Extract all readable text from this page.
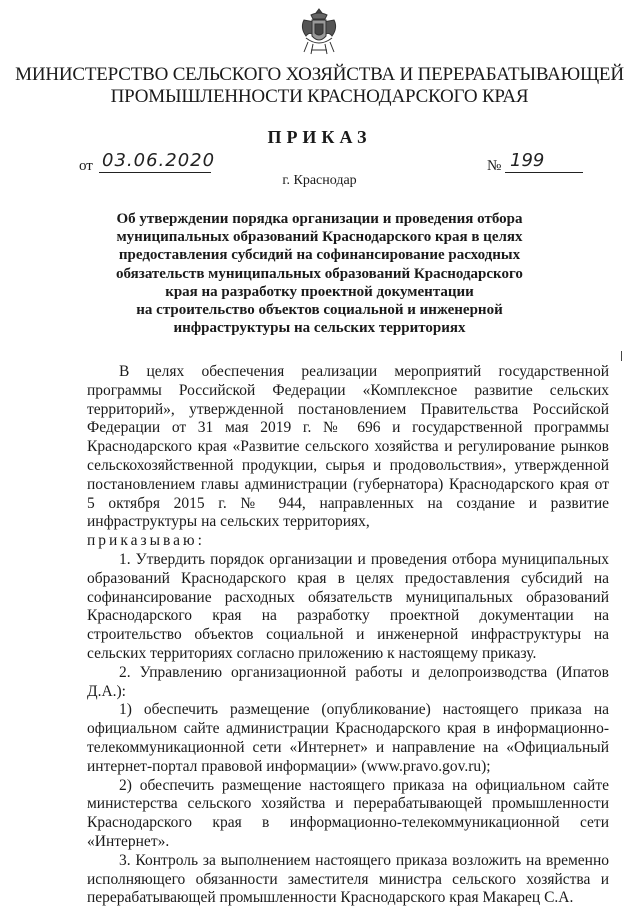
МИНИСТЕРСТВО СЕЛЬСКОГО ХОЗЯЙСТВА И ПЕРЕРАБАТЫВАЮЩЕЙ
ПРОМЫШЛЕННОСТИ КРАСНОДАРСКОГО КРАЯ
ПРИКАЗ
от 03.06.2020	№ 199
г. Краснодар
Об утверждении порядка организации и проведения отбора
муниципальных образований Краснодарского края в целях
предоставления субсидий на софинансирование расходных
обязательств муниципальных образований Краснодарского
края на разработку проектной документации
на строительство объектов социальной и инженерной
инфраструктуры на сельских территориях

В целях обеспечения реализации мероприятий государственной программы Российской Федерации «Комплексное развитие сельских территорий», утвержденной постановлением Правительства Российской Федерации от 31 мая 2019 г. № 696 и государственной программы Краснодарского края «Развитие сельского хозяйства и регулирование рынков сельскохозяйственной продукции, сырья и продовольствия», утвержденной постановлением главы администрации (губернатора) Краснодарского края от 5 октября 2015 г. № 944, направленных на создание и развитие инфраструктуры на сельских территориях,

приказываю:

1. Утвердить порядок организации и проведения отбора муниципальных образований Краснодарского края в целях предоставления субсидий на софинансирование расходных обязательств муниципальных образований Краснодарского края на разработку проектной документации на строительство объектов социальной и инженерной инфраструктуры на сельских территориях согласно приложению к настоящему приказу.

2. Управлению организационной работы и делопроизводства (Ипатов Д.А.):

1) обеспечить размещение (опубликование) настоящего приказа на официальном сайте администрации Краснодарского края в информационно-телекоммуникационной сети «Интернет» и направление на «Официальный интернет-портал правовой информации» (www.pravo.gov.ru);

2) обеспечить размещение настоящего приказа на официальном сайте министерства сельского хозяйства и перерабатывающей промышленности Краснодарского края в информационно-телекоммуникационной сети «Интернет».

3. Контроль за выполнением настоящего приказа возложить на временно исполняющего обязанности заместителя министра сельского хозяйства и перерабатывающей промышленности Краснодарского края Макарец С.А.
